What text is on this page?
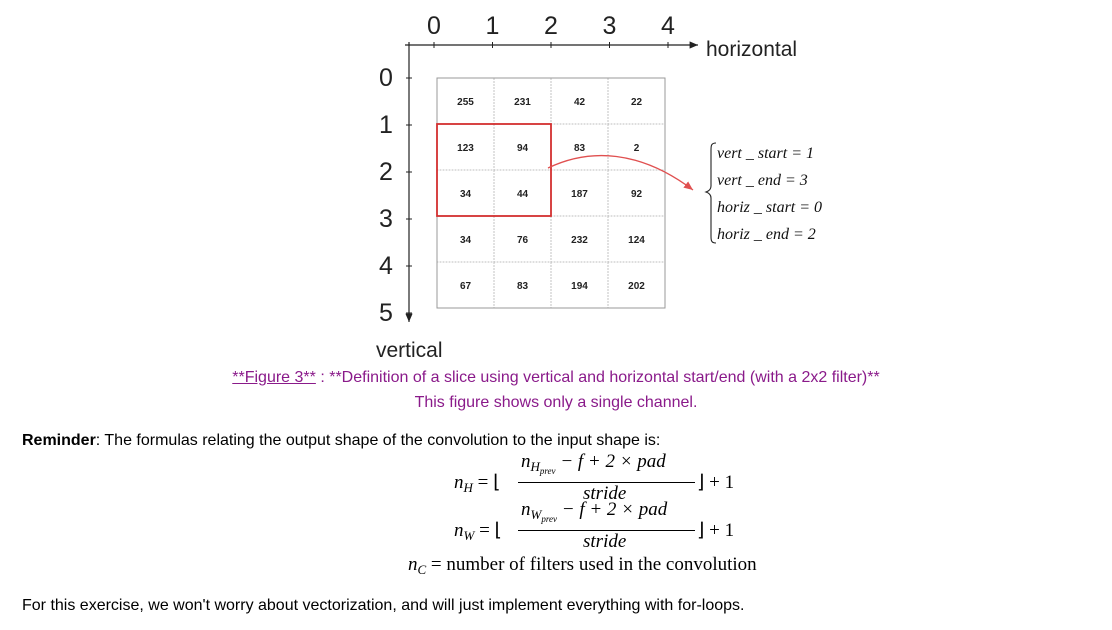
0 1 2 3 4
0
1
2
3
4
5
horizontal
vertical
255	231	42	22
123	94	83	2
34	44	187	92
34	76	232	124
67	83	194	202
vert _ start = 1
vert _ end = 3
horiz _ start = 0
horiz _ end = 2
**Figure 3** : **Definition of a slice using vertical and horizontal start/end (with a 2x2 filter)**
This figure shows only a single channel.
Reminder: The formulas relating the output shape of the convolution to the input shape is:
$n_H$ = ⌊
$n_{Hprev} - f + 2$ × pad
stride
⌋ + 1
$n_W$ = ⌊
$n_{Wprev} - f + 2$ × pad
stride
⌋ + 1
$n_C$ = number of filters used in the convolution
For this exercise, we won't worry about vectorization, and will just implement everything with for-loops.
